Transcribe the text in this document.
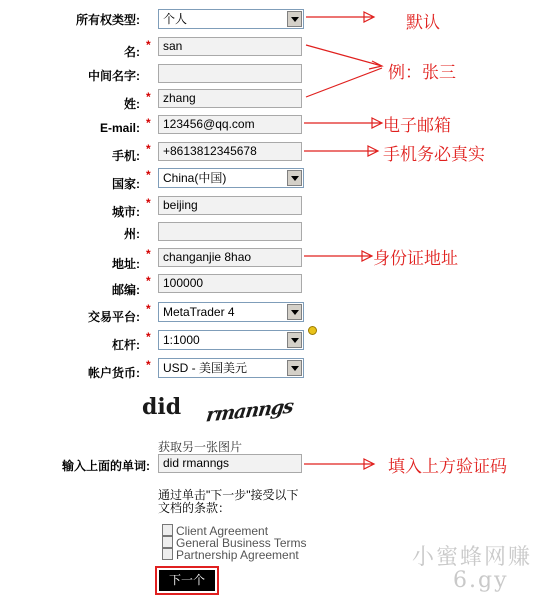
所有权类型:	个人
名: *	san
中间名字:
姓: *	zhang
E-mail: *	123456@qq.com
手机: *	+8613812345678
国家:
*	China(中国)
城市:
*	beijing
州:
地址:
*	changanjie 8hao
邮编:
*	100000
交易平台:
*	MetaTrader 4
杠杆:
*	1:1000
帐户货币:
*	USD - 美国美元
did rmanngs
获取另一张图片
输入上面的单词:	did rmanngs
通过单击"下一步"接受以下
文档的条款：
Client Agreement
General Business Terms
Partnership Agreement
下一个
默认
例：张三
电子邮箱
手机务必真实
身份证地址
填入上方验证码
小蜜蜂网赚
6.gy
